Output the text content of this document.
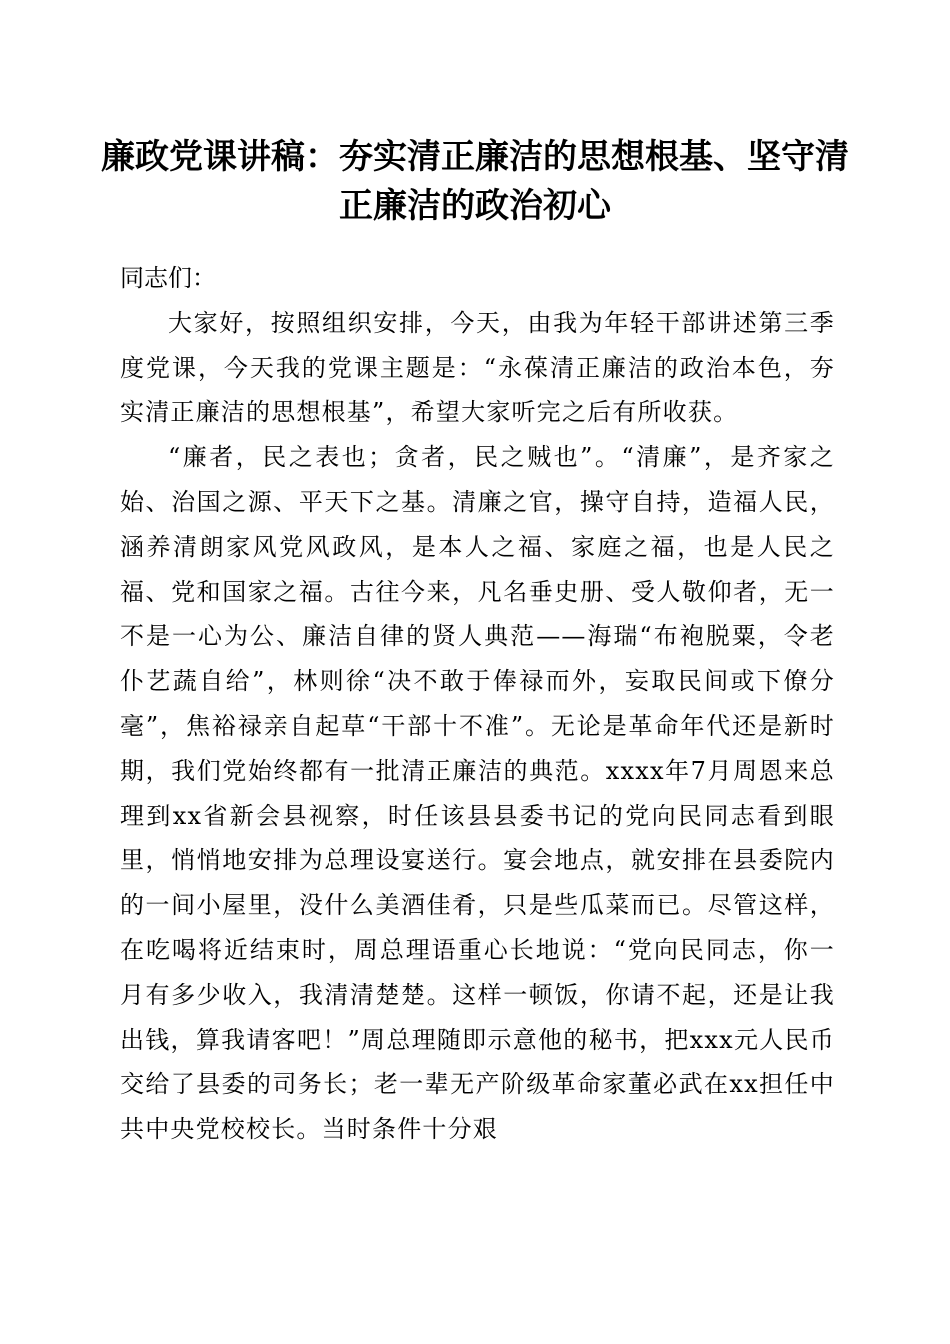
廉政党课讲稿：夯实清正廉洁的思想根基、坚守清正廉洁的政治初心

同志们：

大家好，按照组织安排，今天，由我为年轻干部讲述第三季度党课，今天我的党课主题是：“永葆清正廉洁的政治本色，夯实清正廉洁的思想根基”，希望大家听完之后有所收获。

“廉者，民之表也；贪者，民之贼也”。“清廉”，是齐家之始、治国之源、平天下之基。清廉之官，操守自持，造福人民，涵养清朗家风党风政风，是本人之福、家庭之福，也是人民之福、党和国家之福。古往今来，凡名垂史册、受人敬仰者，无一不是一心为公、廉洁自律的贤人典范——海瑞“布袍脱粟，令老仆艺蔬自给”，林则徐“决不敢于俸禄而外，妄取民间或下僚分毫”，焦裕禄亲自起草“干部十不准”。无论是革命年代还是新时期，我们党始终都有一批清正廉洁的典范。xxxx年7月周恩来总理到xx省新会县视察，时任该县县委书记的党向民同志看到眼里，悄悄地安排为总理设宴送行。宴会地点，就安排在县委院内的一间小屋里，没什么美酒佳肴，只是些瓜菜而已。尽管这样，在吃喝将近结束时，周总理语重心长地说：“党向民同志，你一月有多少收入，我清清楚楚。这样一顿饭，你请不起，还是让我出钱，算我请客吧！”周总理随即示意他的秘书，把xxx元人民币交给了县委的司务长；老一辈无产阶级革命家董必武在xx担任中共中央党校校长。当时条件十分艰
